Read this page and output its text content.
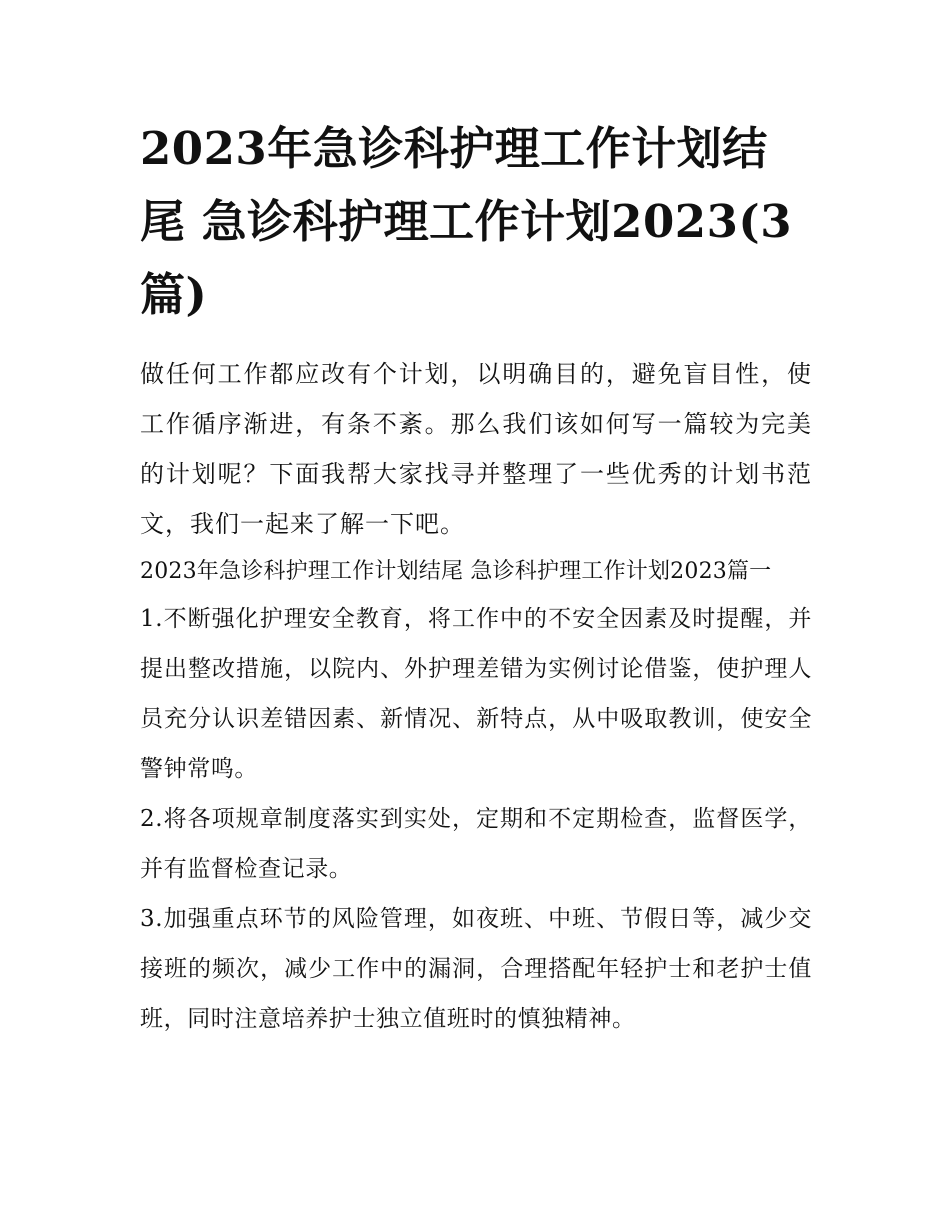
2023年急诊科护理工作计划结尾 急诊科护理工作计划2023(3篇)

做任何工作都应改有个计划，以明确目的，避免盲目性，使工作循序渐进，有条不紊。那么我们该如何写一篇较为完美的计划呢？下面我帮大家找寻并整理了一些优秀的计划书范文，我们一起来了解一下吧。

2023年急诊科护理工作计划结尾 急诊科护理工作计划2023篇一

1.不断强化护理安全教育，将工作中的不安全因素及时提醒，并提出整改措施，以院内、外护理差错为实例讨论借鉴，使护理人员充分认识差错因素、新情况、新特点，从中吸取教训，使安全警钟常鸣。

2.将各项规章制度落实到实处，定期和不定期检查，监督医学，并有监督检查记录。

3.加强重点环节的风险管理，如夜班、中班、节假日等，减少交接班的频次，减少工作中的漏洞，合理搭配年轻护士和老护士值班，同时注意培养护士独立值班时的慎独精神。
